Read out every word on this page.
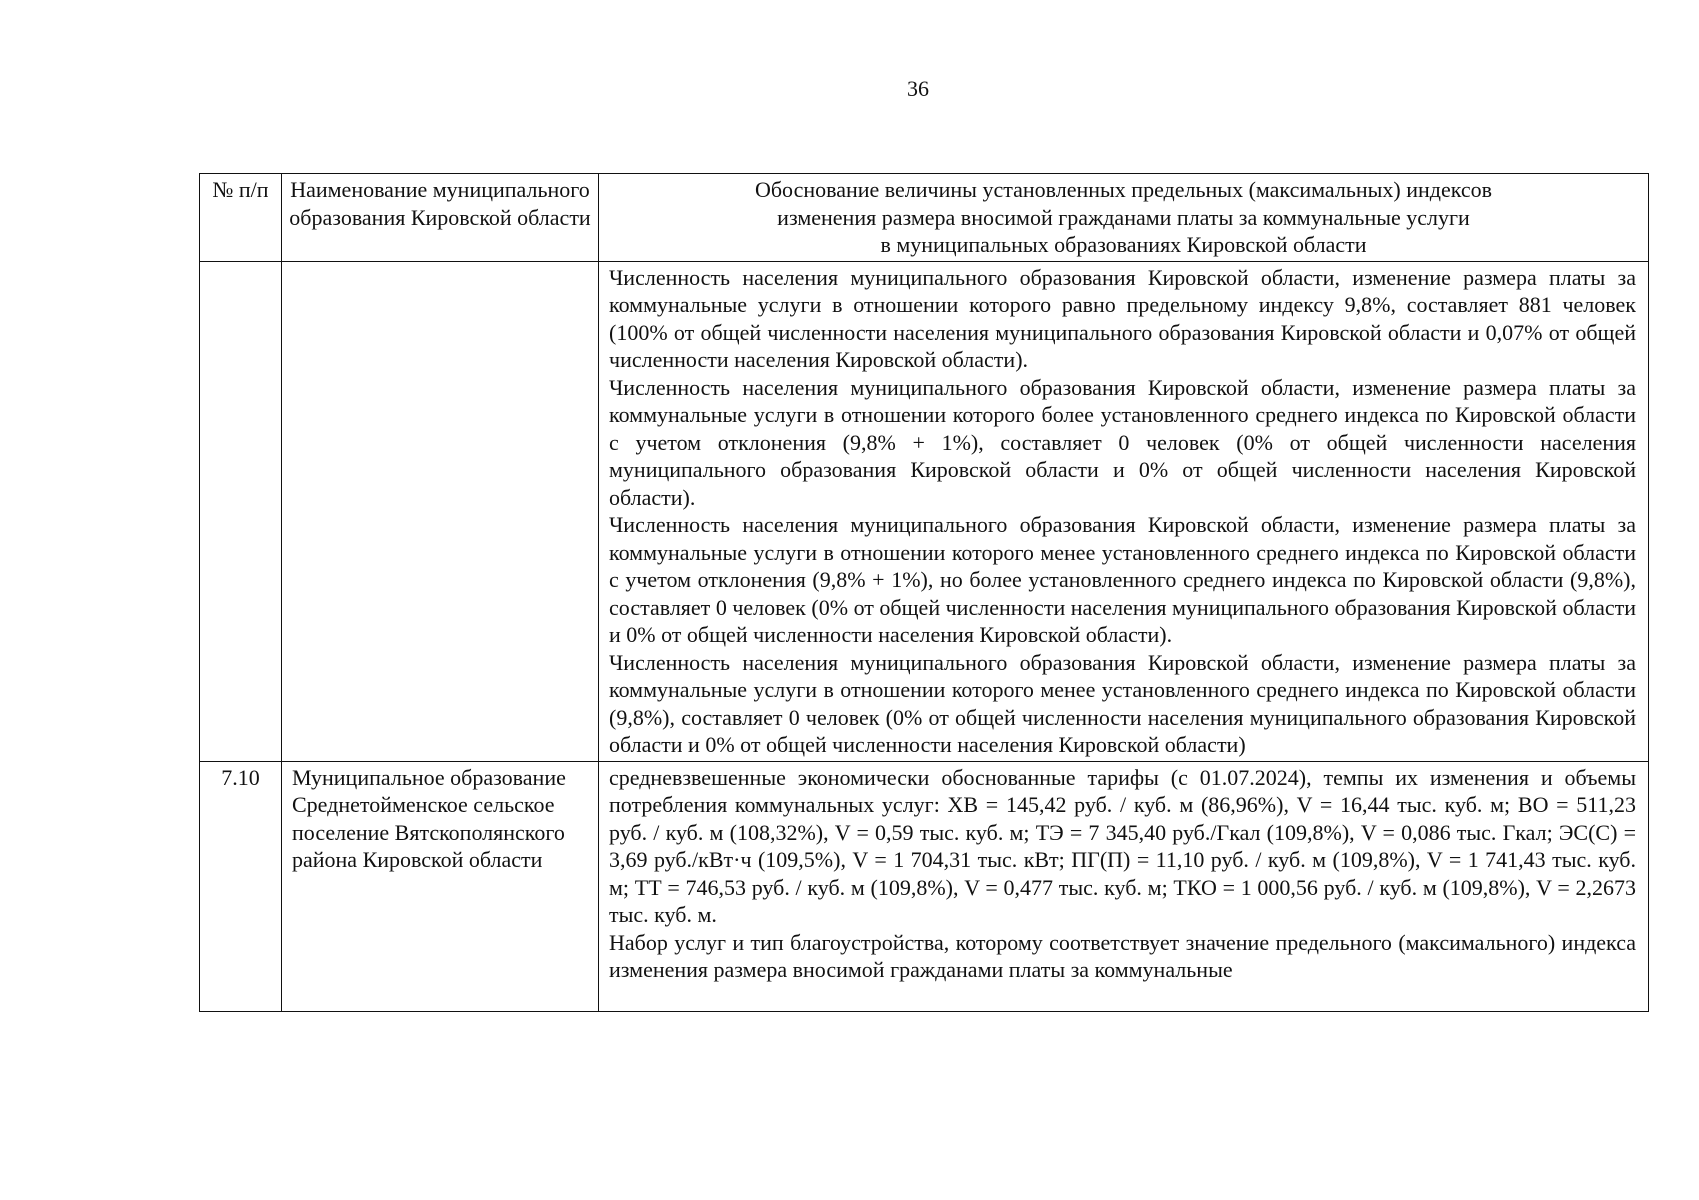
36
№ п/п	Наименование муниципального образования Кировской области	Обоснование величины установленных предельных (максимальных) индексов
изменения размера вносимой гражданами платы за коммунальные услуги
в муниципальных образованиях Кировской области

		Численность населения муниципального образования Кировской области, изменение размера платы за коммунальные услуги в отношении которого равно предельному индексу 9,8%, составляет 881 человек (100% от общей численности населения муниципального образования Кировской области и 0,07% от общей численности населения Кировской области).

Численность населения муниципального образования Кировской области, изменение размера платы за коммунальные услуги в отношении которого более установленного среднего индекса по Кировской области с учетом отклонения (9,8% + 1%), составляет 0 человек (0% от общей численности населения муниципального образования Кировской области и 0% от общей численности населения Кировской области).

Численность населения муниципального образования Кировской области, изменение размера платы за коммунальные услуги в отношении которого менее установленного среднего индекса по Кировской области с учетом отклонения (9,8% + 1%), но более установленного среднего индекса по Кировской области (9,8%), составляет 0 человек (0% от общей численности населения муниципального образования Кировской области и 0% от общей численности населения Кировской области).

Численность населения муниципального образования Кировской области, изменение размера платы за коммунальные услуги в отношении которого менее установленного среднего индекса по Кировской области (9,8%), составляет 0 человек (0% от общей численности населения муниципального образования Кировской области и 0% от общей численности населения Кировской области)

7.10	Муниципальное образование Среднетойменское сельское поселение Вятскополянского района Кировской области	средневзвешенные экономически обоснованные тарифы (с 01.07.2024), темпы их изменения и объемы потребления коммунальных услуг: ХВ = 145,42 руб. / куб. м (86,96%), V = 16,44 тыс. куб. м; ВО = 511,23 руб. / куб. м (108,32%), V = 0,59 тыс. куб. м; ТЭ = 7 345,40 руб./Гкал (109,8%), V = 0,086 тыс. Гкал; ЭС(С) = 3,69 руб./кВт·ч (109,5%), V = 1 704,31 тыс. кВт; ПГ(П) = 11,10 руб. / куб. м (109,8%), V = 1 741,43 тыс. куб. м; ТТ = 746,53 руб. / куб. м (109,8%), V = 0,477 тыс. куб. м; ТКО = 1 000,56 руб. / куб. м (109,8%), V = 2,2673 тыс. куб. м.

Набор услуг и тип благоустройства, которому соответствует значение предельного (максимального) индекса изменения размера вносимой гражданами платы за коммунальные
